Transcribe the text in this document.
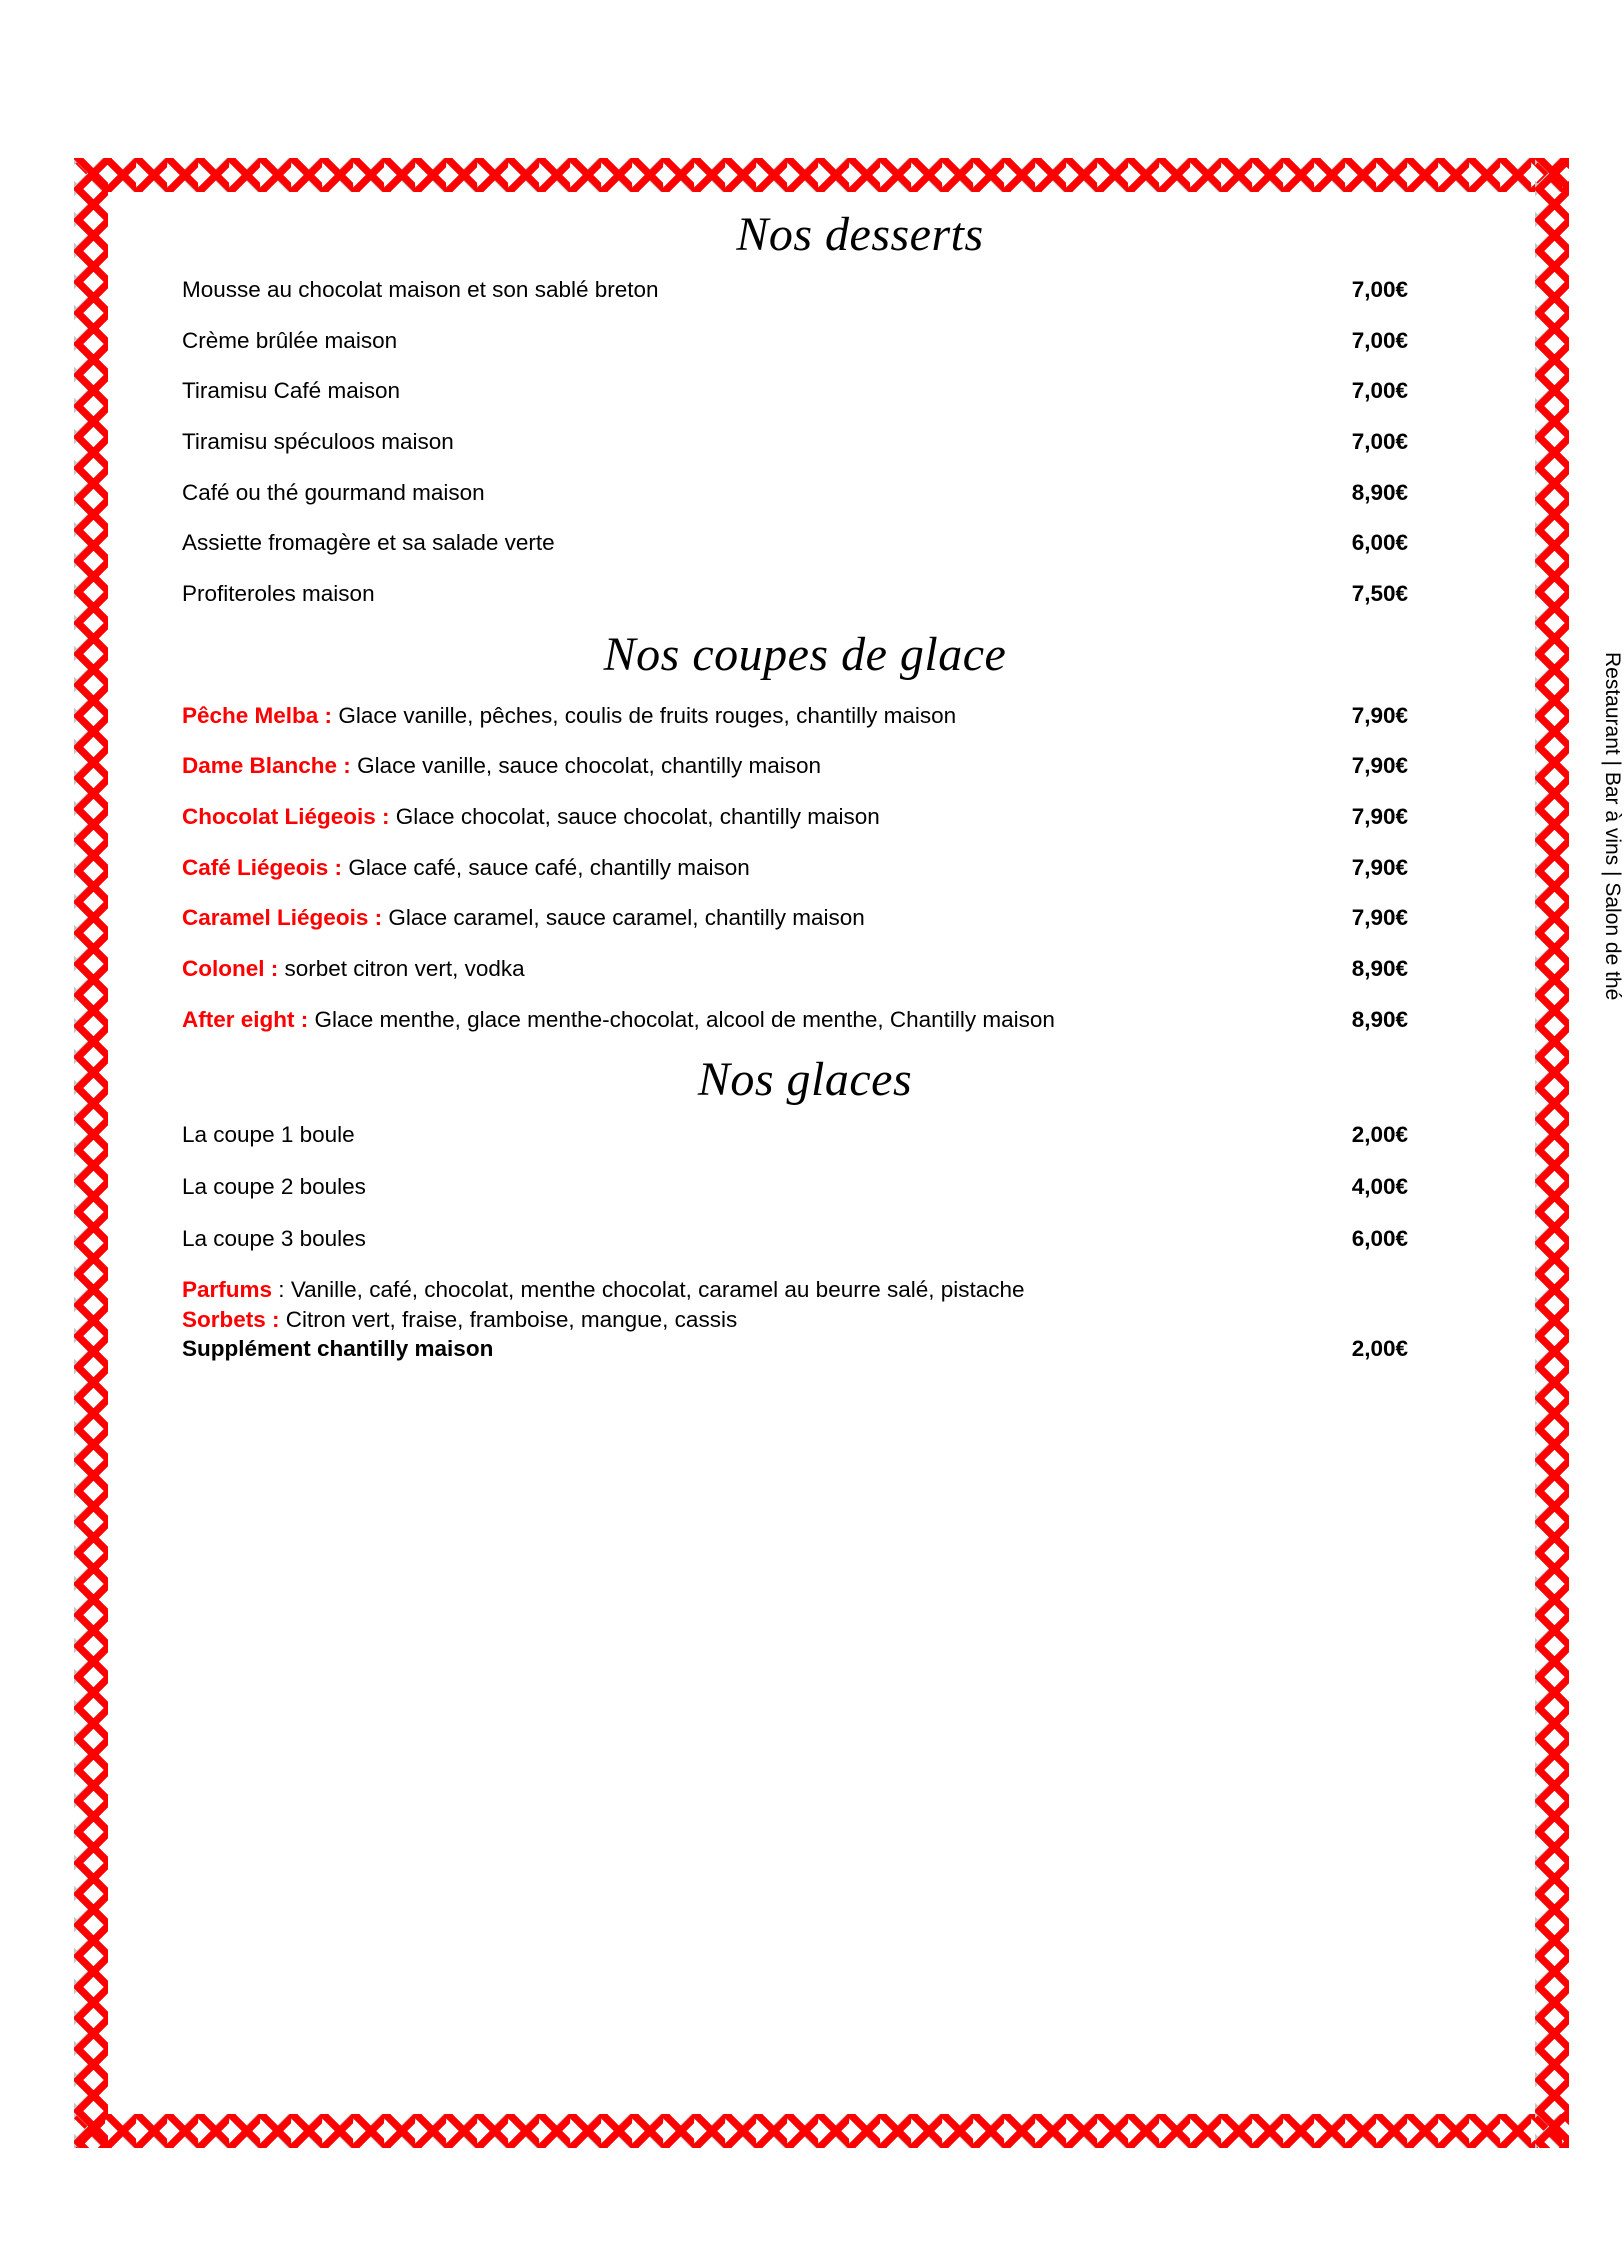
Nos desserts
Mousse au chocolat maison et son sablé breton	7,00€
Crème brûlée maison	7,00€
Tiramisu Café maison	7,00€
Tiramisu spéculoos maison	7,00€
Café ou thé gourmand maison	8,90€
Assiette fromagère et sa salade verte	6,00€
Profiteroles maison	7,50€
Nos coupes de glace
Pêche Melba : Glace vanille, pêches, coulis de fruits rouges, chantilly maison	7,90€
Dame Blanche : Glace vanille, sauce chocolat, chantilly maison	7,90€
Chocolat Liégeois : Glace chocolat, sauce chocolat, chantilly maison	7,90€
Café Liégeois : Glace café, sauce café, chantilly maison	7,90€
Caramel Liégeois : Glace caramel, sauce caramel, chantilly maison	7,90€
Colonel : sorbet citron vert, vodka	8,90€
After eight : Glace menthe, glace menthe-chocolat, alcool de menthe, Chantilly maison	8,90€
Nos glaces
La coupe 1 boule	2,00€
La coupe 2 boules	4,00€
La coupe 3 boules	6,00€
Parfums : Vanille, café, chocolat, menthe chocolat, caramel au beurre salé, pistache
Sorbets : Citron vert, fraise, framboise, mangue, cassis
Supplément chantilly maison	2,00€
Restaurant | Bar à vins | Salon de thé
